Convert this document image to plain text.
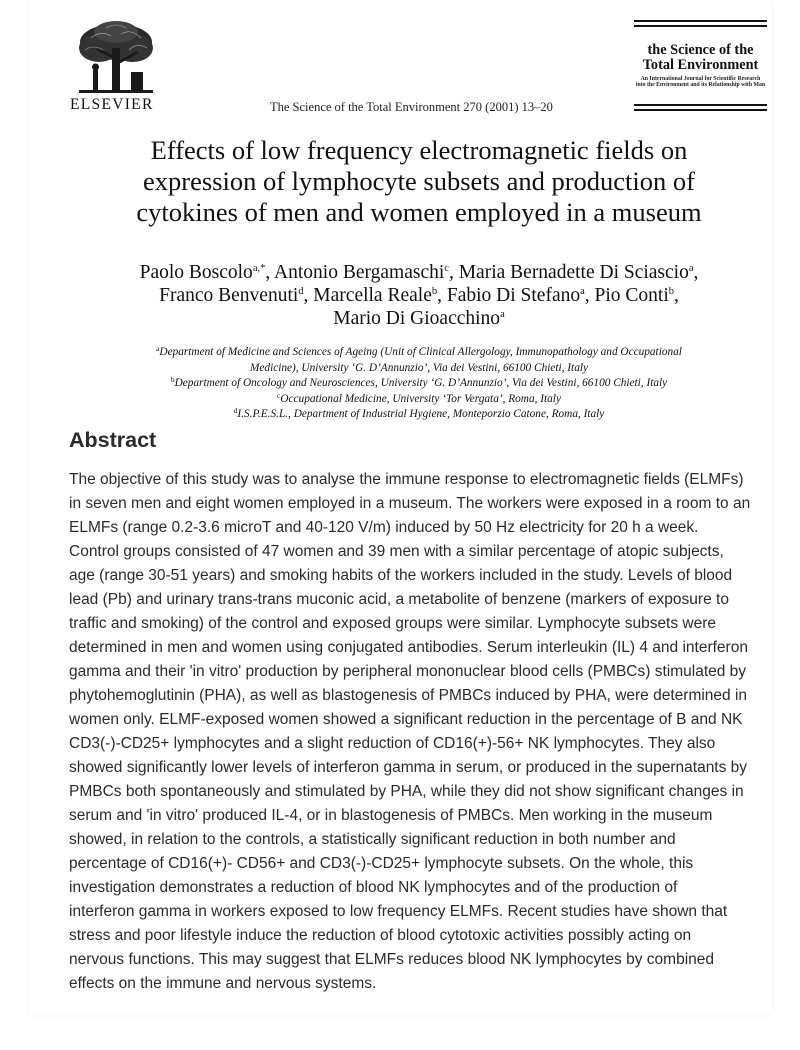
ELSEVIER	The Science of the Total Environment 270 (2001) 13–20
the Science of the
Total Environment
An International Journal for Scientific Research
into the Environment and its Relationship with Man
Effects of low frequency electromagnetic fields on
expression of lymphocyte subsets and production of
cytokines of men and women employed in a museum
Paolo Boscolo$^{a,*}$, Antonio Bergamaschi$^c$, Maria Bernadette Di Sciascio$^a$,
Franco Benvenuti$^d$, Marcella Reale$^b$, Fabio Di Stefano$^a$, Pio Conti$^b$,
Mario Di Gioacchino$^a$
$^a$Department of Medicine and Sciences of Ageing (Unit of Clinical Allergology, Immunopathology and Occupational
Medicine), University ‘G. D’Annunzio’, Via dei Vestini, 66100 Chieti, Italy
$^b$Department of Oncology and Neurosciences, University ‘G. D’Annunzio’, Via dei Vestini, 66100 Chieti, Italy
$^c$Occupational Medicine, University ‘Tor Vergata’, Roma, Italy
$^d$I.S.P.E.S.L., Department of Industrial Hygiene, Monteporzio Catone, Roma, Italy
Abstract
The objective of this study was to analyse the immune response to electromagnetic fields (ELMFs)
in seven men and eight women employed in a museum. The workers were exposed in a room to an
ELMFs (range 0.2-3.6 microT and 40-120 V/m) induced by 50 Hz electricity for 20 h a week.
Control groups consisted of 47 women and 39 men with a similar percentage of atopic subjects,
age (range 30-51 years) and smoking habits of the workers included in the study. Levels of blood
lead (Pb) and urinary trans-trans muconic acid, a metabolite of benzene (markers of exposure to
traffic and smoking) of the control and exposed groups were similar. Lymphocyte subsets were
determined in men and women using conjugated antibodies. Serum interleukin (IL) 4 and interferon
gamma and their 'in vitro' production by peripheral mononuclear blood cells (PMBCs) stimulated by
phytohemoglutinin (PHA), as well as blastogenesis of PMBCs induced by PHA, were determined in
women only. ELMF-exposed women showed a significant reduction in the percentage of B and NK
CD3(-)-CD25+ lymphocytes and a slight reduction of CD16(+)-56+ NK lymphocytes. They also
showed significantly lower levels of interferon gamma in serum, or produced in the supernatants by
PMBCs both spontaneously and stimulated by PHA, while they did not show significant changes in
serum and 'in vitro' produced IL-4, or in blastogenesis of PMBCs. Men working in the museum
showed, in relation to the controls, a statistically significant reduction in both number and
percentage of CD16(+)- CD56+ and CD3(-)-CD25+ lymphocyte subsets. On the whole, this
investigation demonstrates a reduction of blood NK lymphocytes and of the production of
interferon gamma in workers exposed to low frequency ELMFs. Recent studies have shown that
stress and poor lifestyle induce the reduction of blood cytotoxic activities possibly acting on
nervous functions. This may suggest that ELMFs reduces blood NK lymphocytes by combined
effects on the immune and nervous systems.
